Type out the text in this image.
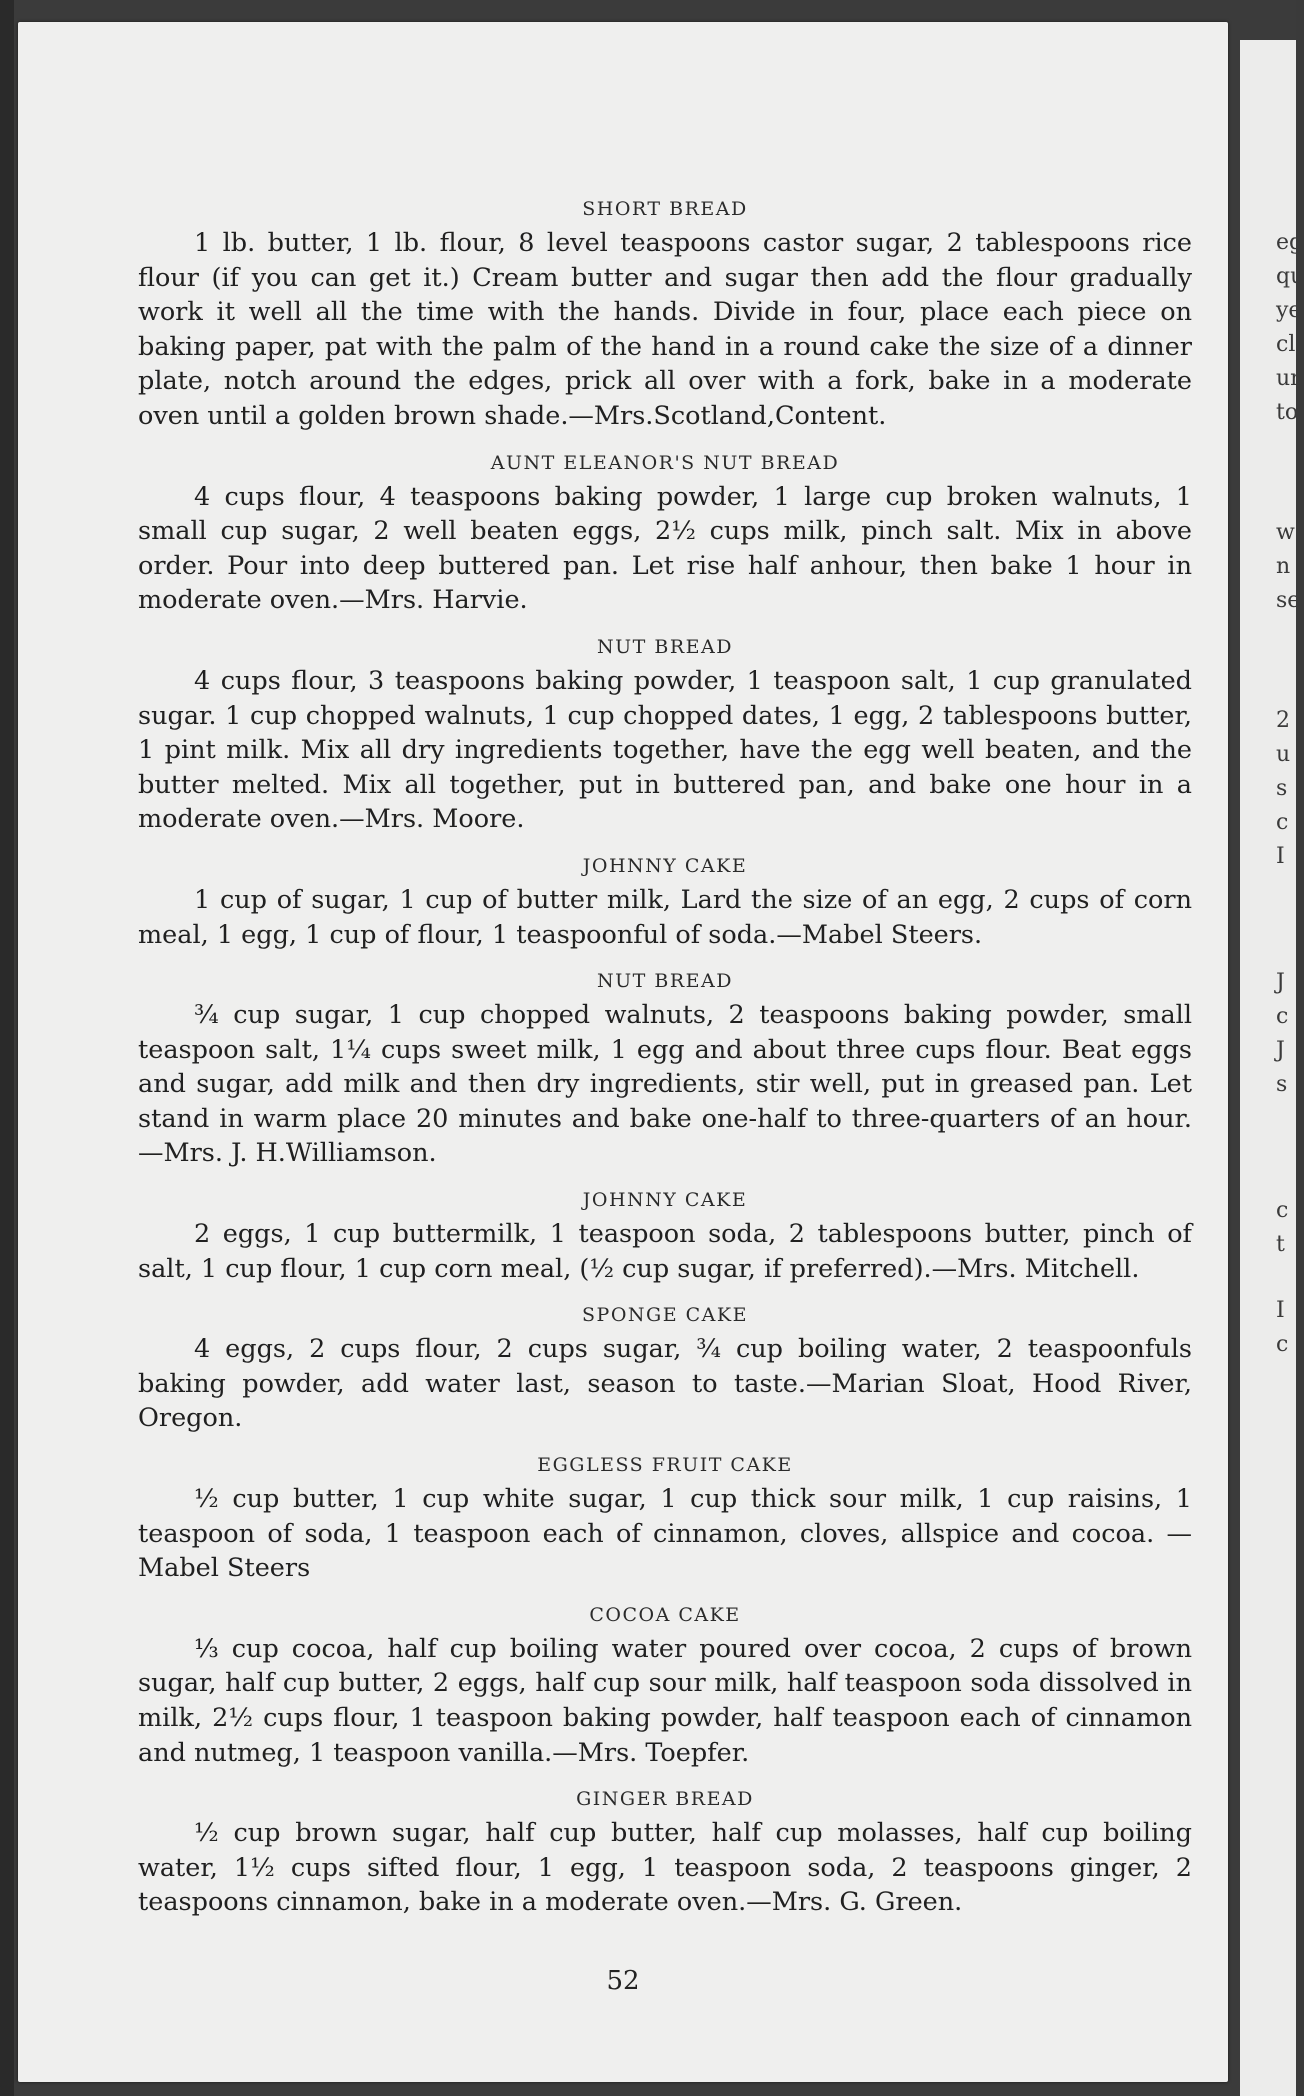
eg
qu
ye
cl
ur
to
w
n
se
2
u
s
c
I
J
c
J
s
c
t
I
c
SHORT BREAD

1 lb. butter, 1 lb. flour, 8 level teaspoons castor sugar, 2 tablespoons rice flour (if you can get it.) Cream butter and sugar then add the flour gradually work it well all the time with the hands. Divide in four, place each piece on baking paper, pat with the palm of the hand in a round cake the size of a dinner plate, notch around the edges, prick all over with a fork, bake in a moderate oven until a golden brown shade.—Mrs.Scotland,Content.

AUNT ELEANOR'S NUT BREAD

4 cups flour, 4 teaspoons baking powder, 1 large cup broken walnuts, 1 small cup sugar, 2 well beaten eggs, 2½ cups milk, pinch salt. Mix in above order. Pour into deep buttered pan. Let rise half anhour, then bake 1 hour in moderate oven.—Mrs. Harvie.

NUT BREAD

4 cups flour, 3 teaspoons baking powder, 1 teaspoon salt, 1 cup granulated sugar. 1 cup chopped walnuts, 1 cup chopped dates, 1 egg, 2 tablespoons butter, 1 pint milk. Mix all dry ingredients together, have the egg well beaten, and the butter melted. Mix all together, put in buttered pan, and bake one hour in a moderate oven.—Mrs. Moore.

JOHNNY CAKE

1 cup of sugar, 1 cup of butter milk, Lard the size of an egg, 2 cups of corn meal, 1 egg, 1 cup of flour, 1 teaspoonful of soda.—Mabel Steers.

NUT BREAD

¾ cup sugar, 1 cup chopped walnuts, 2 teaspoons baking powder, small teaspoon salt, 1¼ cups sweet milk, 1 egg and about three cups flour. Beat eggs and sugar, add milk and then dry ingredients, stir well, put in greased pan. Let stand in warm place 20 minutes and bake one-half to three-quarters of an hour.—Mrs. J. H.Williamson.

JOHNNY CAKE

2 eggs, 1 cup buttermilk, 1 teaspoon soda, 2 tablespoons butter, pinch of salt, 1 cup flour, 1 cup corn meal, (½ cup sugar, if preferred).—Mrs. Mitchell.

SPONGE CAKE

4 eggs, 2 cups flour, 2 cups sugar, ¾ cup boiling water, 2 teaspoonfuls baking powder, add water last, season to taste.—Marian Sloat, Hood River, Oregon.

EGGLESS FRUIT CAKE

½ cup butter, 1 cup white sugar, 1 cup thick sour milk, 1 cup raisins, 1 teaspoon of soda, 1 teaspoon each of cinnamon, cloves, allspice and cocoa. —Mabel Steers

COCOA CAKE

⅓ cup cocoa, half cup boiling water poured over cocoa, 2 cups of brown sugar, half cup butter, 2 eggs, half cup sour milk, half teaspoon soda dissolved in milk, 2½ cups flour, 1 teaspoon baking powder, half teaspoon each of cinnamon and nutmeg, 1 teaspoon vanilla.—Mrs. Toepfer.

GINGER BREAD

½ cup brown sugar, half cup butter, half cup molasses, half cup boiling water, 1½ cups sifted flour, 1 egg, 1 teaspoon soda, 2 teaspoons ginger, 2 teaspoons cinnamon, bake in a moderate oven.—Mrs. G. Green.

52
